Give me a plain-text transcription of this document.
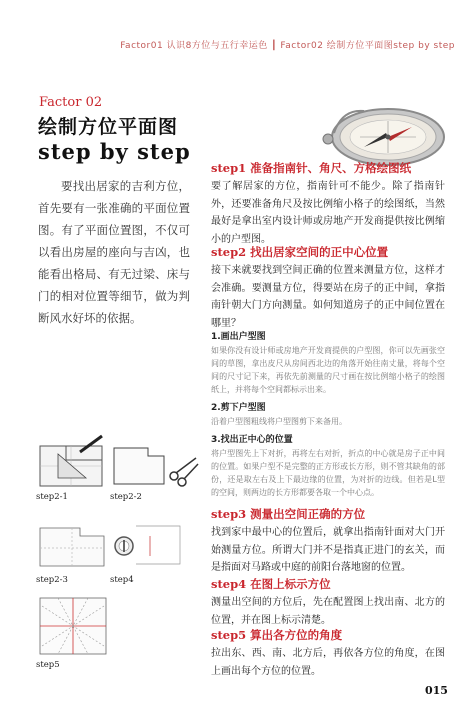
Factor01 认识8方位与五行幸运色 ┃ Factor02 绘制方位平面图step by step
Factor 02
绘制方位平面图
step by step
要找出居家的吉利方位，首先要有一张准确的平面位置图。有了平面位置图，不仅可以看出房屋的座向与吉凶，也能看出格局、有无过梁、床与门的相对位置等细节，做为判断风水好坏的依据。
step1 准备指南针、角尺、方格绘图纸
要了解居家的方位，指南针可不能少。除了指南针外，还要准备角尺及按比例缩小格子的绘图纸，当然最好是拿出室内设计师或房地产开发商提供按比例缩小的户型图。
step2 找出居家空间的正中心位置
接下来就要找到空间正确的位置来测量方位，这样才会准确。要测量方位，得要站在房子的正中间，拿指南针朝大门方向测量。如何知道房子的正中间位置在哪里？
1.画出户型图
如果你没有设计师或房地产开发商提供的户型图，你可以先画张空间的草图，拿出皮尺从房间西北边的角落开始往南丈量，将每个空间的尺寸记下来，再依先前测量的尺寸画在按比例缩小格子的绘图纸上，并将每个空间都标示出来。
2.剪下户型图
沿着户型图粗线将户型图剪下来备用。
3.找出正中心的位置
将户型图先上下对折，再将左右对折，折点的中心就是房子正中间的位置。如果户型不是完整的正方形或长方形，则不管其缺角的部份，还是取左右及上下最边缘的位置，为对折的边线。但若是L型的空间，则两边的长方形都要各取一个中心点。
step3 测量出空间正确的方位
找到家中最中心的位置后，就拿出指南针面对大门开始测量方位。所谓大门并不是指真正进门的玄关，而是指面对马路或中庭的前阳台落地窗的位置。
step4 在图上标示方位
测量出空间的方位后，先在配置图上找出南、北方的位置，并在图上标示清楚。
step5 算出各方位的角度
拉出东、西、南、北方后，再依各方位的角度，在图上画出每个方位的位置。
step2-1	step2-2
step2-3	step4
step5
015
